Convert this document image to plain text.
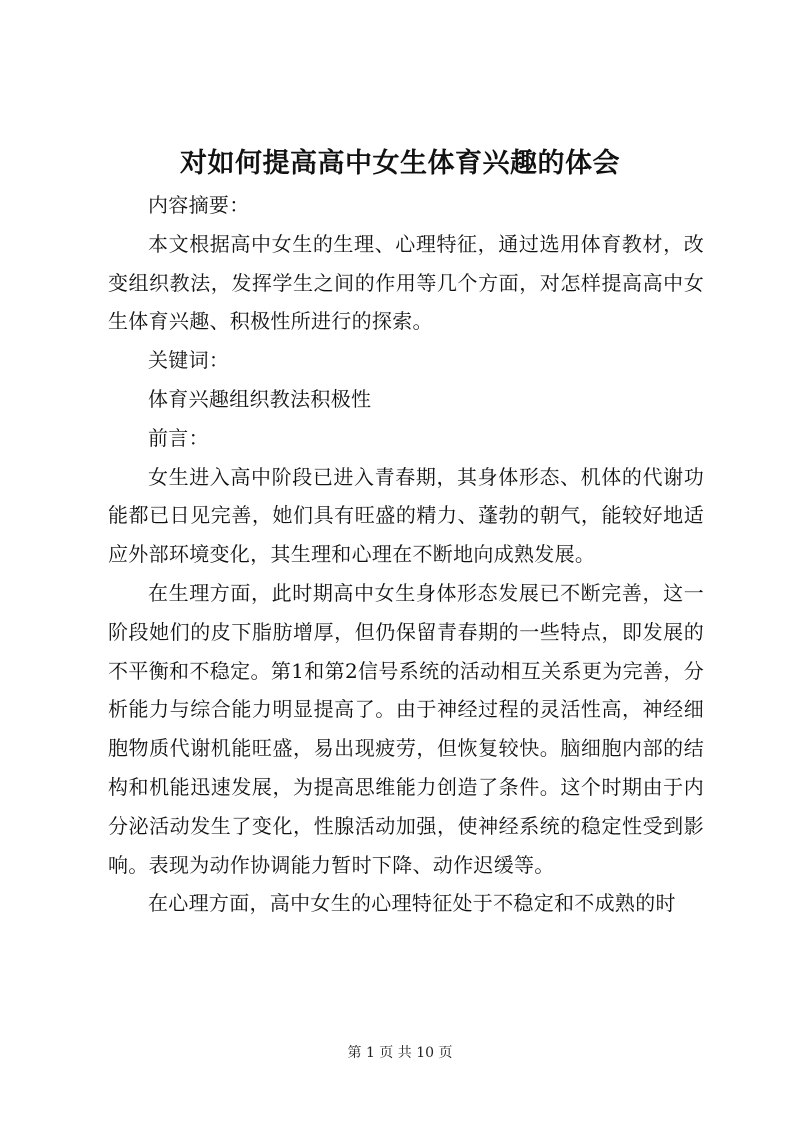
对如何提高高中女生体育兴趣的体会

内容摘要：

本文根据高中女生的生理、心理特征，通过选用体育教材，改变组织教法，发挥学生之间的作用等几个方面，对怎样提高高中女生体育兴趣、积极性所进行的探索。

关键词：

体育兴趣组织教法积极性

前言：

女生进入高中阶段已进入青春期，其身体形态、机体的代谢功能都已日见完善，她们具有旺盛的精力、蓬勃的朝气，能较好地适应外部环境变化，其生理和心理在不断地向成熟发展。

在生理方面，此时期高中女生身体形态发展已不断完善，这一阶段她们的皮下脂肪增厚，但仍保留青春期的一些特点，即发展的不平衡和不稳定。第1和第2信号系统的活动相互关系更为完善，分析能力与综合能力明显提高了。由于神经过程的灵活性高，神经细胞物质代谢机能旺盛，易出现疲劳，但恢复较快。脑细胞内部的结构和机能迅速发展，为提高思维能力创造了条件。这个时期由于内分泌活动发生了变化，性腺活动加强，使神经系统的稳定性受到影响。表现为动作协调能力暂时下降、动作迟缓等。

在心理方面，高中女生的心理特征处于不稳定和不成熟的时

第 1 页 共 10 页
